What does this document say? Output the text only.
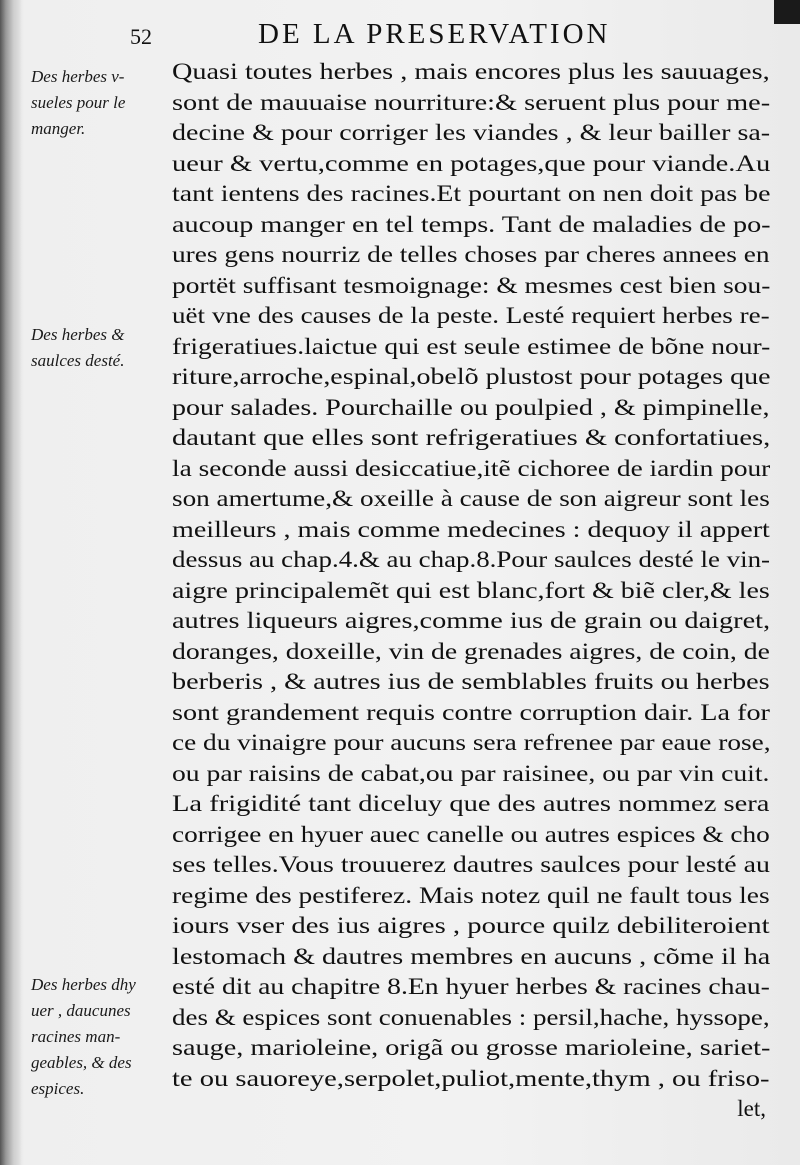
52	DE LA PRESERVATION
Des herbes v-
sueles pour le
manger.
Des herbes &
saulces desté.
Des herbes dhy
uer , daucunes
racines man-
geables, & des
espices.
Quasi toutes herbes , mais encores plus les sauuages,
sont de mauuaise nourriture:& seruent plus pour me-
decine & pour corriger les viandes , & leur bailler sa-
ueur & vertu,comme en potages,que pour viande.Au
tant ientens des racines.Et pourtant on nen doit pas be
aucoup manger en tel temps. Tant de maladies de po-
ures gens nourriz de telles choses par cheres annees en
portët suffisant tesmoignage: & mesmes cest bien sou-
uët vne des causes de la peste. Lesté requiert herbes re-
frigeratiues.laictue qui est seule estimee de bõne nour-
riture,arroche,espinal,obelõ plustost pour potages que
pour salades. Pourchaille ou poulpied , & pimpinelle,
dautant que elles sont refrigeratiues & confortatiues,
la seconde aussi desiccatiue,itẽ cichoree de iardin pour
son amertume,& oxeille à cause de son aigreur sont les
meilleurs , mais comme medecines : dequoy il appert
dessus au chap.4.& au chap.8.Pour saulces desté le vin-
aigre principalemẽt qui est blanc,fort & biẽ cler,& les
autres liqueurs aigres,comme ius de grain ou daigret,
doranges, doxeille, vin de grenades aigres, de coin, de
berberis , & autres ius de semblables fruits ou herbes
sont grandement requis contre corruption dair. La for
ce du vinaigre pour aucuns sera refrenee par eaue rose,
ou par raisins de cabat,ou par raisinee, ou par vin cuit.
La frigidité tant diceluy que des autres nommez sera
corrigee en hyuer auec canelle ou autres espices & cho
ses telles.Vous trouuerez dautres saulces pour lesté au
regime des pestiferez. Mais notez quil ne fault tous les
iours vser des ius aigres , pource quilz debiliteroient
lestomach & dautres membres en aucuns , cõme il ha
esté dit au chapitre 8.En hyuer herbes & racines chau-
des & espices sont conuenables : persil,hache, hyssope,
sauge, marioleine, origã ou grosse marioleine, sariet-
te ou sauoreye,serpolet,puliot,mente,thym , ou friso-
let,
